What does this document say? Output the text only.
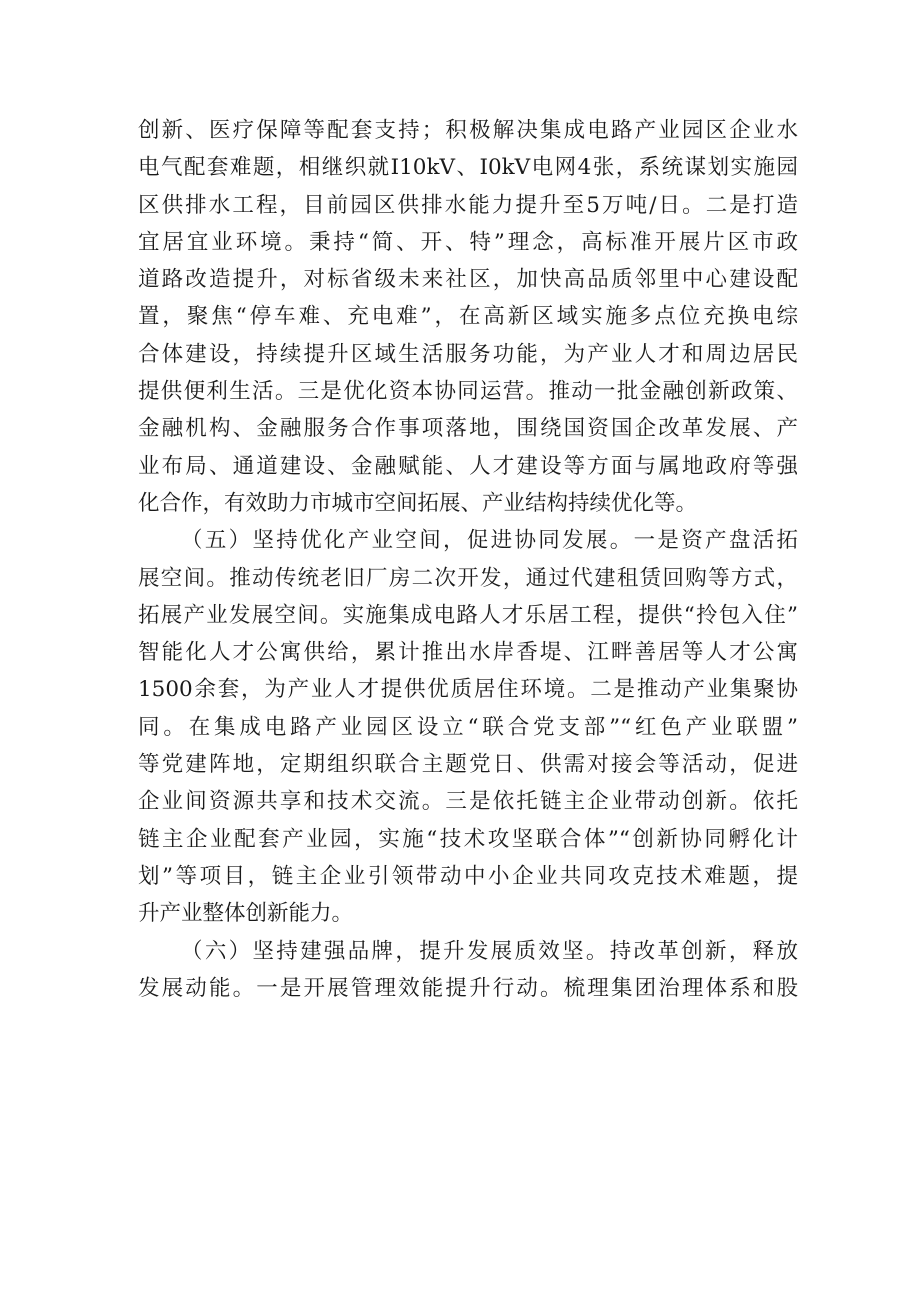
创新、医疗保障等配套支持；积极解决集成电路产业园区企业水
电气配套难题，相继织就I10kV、I0kV电网4张，系统谋划实施园
区供排水工程，目前园区供排水能力提升至5万吨/日。二是打造
宜居宜业环境。秉持“简、开、特”理念，高标准开展片区市政
道路改造提升，对标省级未来社区，加快高品质邻里中心建设配
置，聚焦“停车难、充电难”，在高新区域实施多点位充换电综
合体建设，持续提升区域生活服务功能，为产业人才和周边居民
提供便利生活。三是优化资本协同运营。推动一批金融创新政策、
金融机构、金融服务合作事项落地，围绕国资国企改革发展、产
业布局、通道建设、金融赋能、人才建设等方面与属地政府等强
化合作，有效助力市城市空间拓展、产业结构持续优化等。
（五）坚持优化产业空间，促进协同发展。一是资产盘活拓
展空间。推动传统老旧厂房二次开发，通过代建租赁回购等方式，
拓展产业发展空间。实施集成电路人才乐居工程，提供“拎包入住”
智能化人才公寓供给，累计推出水岸香堤、江畔善居等人才公寓
1500余套，为产业人才提供优质居住环境。二是推动产业集聚协
同。在集成电路产业园区设立“联合党支部”“红色产业联盟”
等党建阵地，定期组织联合主题党日、供需对接会等活动，促进
企业间资源共享和技术交流。三是依托链主企业带动创新。依托
链主企业配套产业园，实施“技术攻坚联合体”“创新协同孵化计
划”等项目，链主企业引领带动中小企业共同攻克技术难题，提
升产业整体创新能力。
（六）坚持建强品牌，提升发展质效坚。持改革创新，释放
发展动能。一是开展管理效能提升行动。梳理集团治理体系和股
